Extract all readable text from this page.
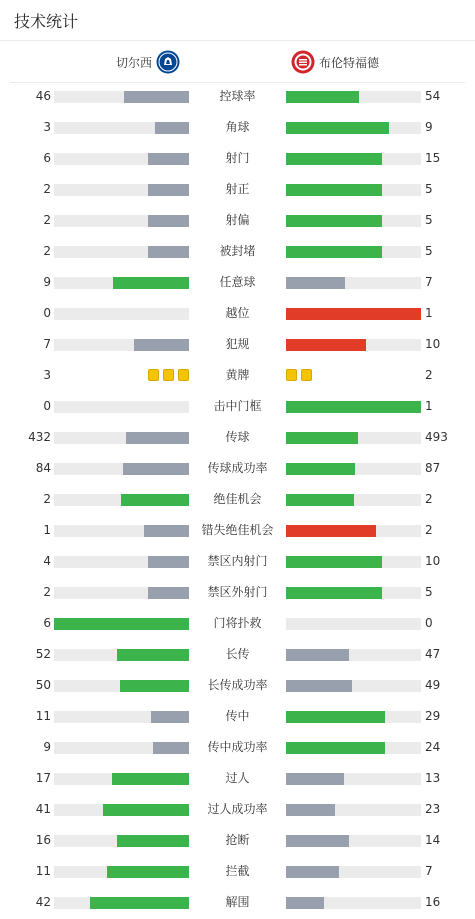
技术统计
切尔西	布伦特福德
46	控球率	54
3	角球	9
6	射门	15
2	射正	5
2	射偏	5
2	被封堵	5
9	任意球	7
0	越位	1
7	犯规	10
3	黄牌	2
0	击中门框	1
432	传球	493
84	传球成功率	87
2	绝佳机会	2
1	错失绝佳机会	2
4	禁区内射门	10
2	禁区外射门	5
6	门将扑救	0
52	长传	47
50	长传成功率	49
11	传中	29
9	传中成功率	24
17	过人	13
41	过人成功率	23
16	抢断	14
11	拦截	7
42	解围	16
